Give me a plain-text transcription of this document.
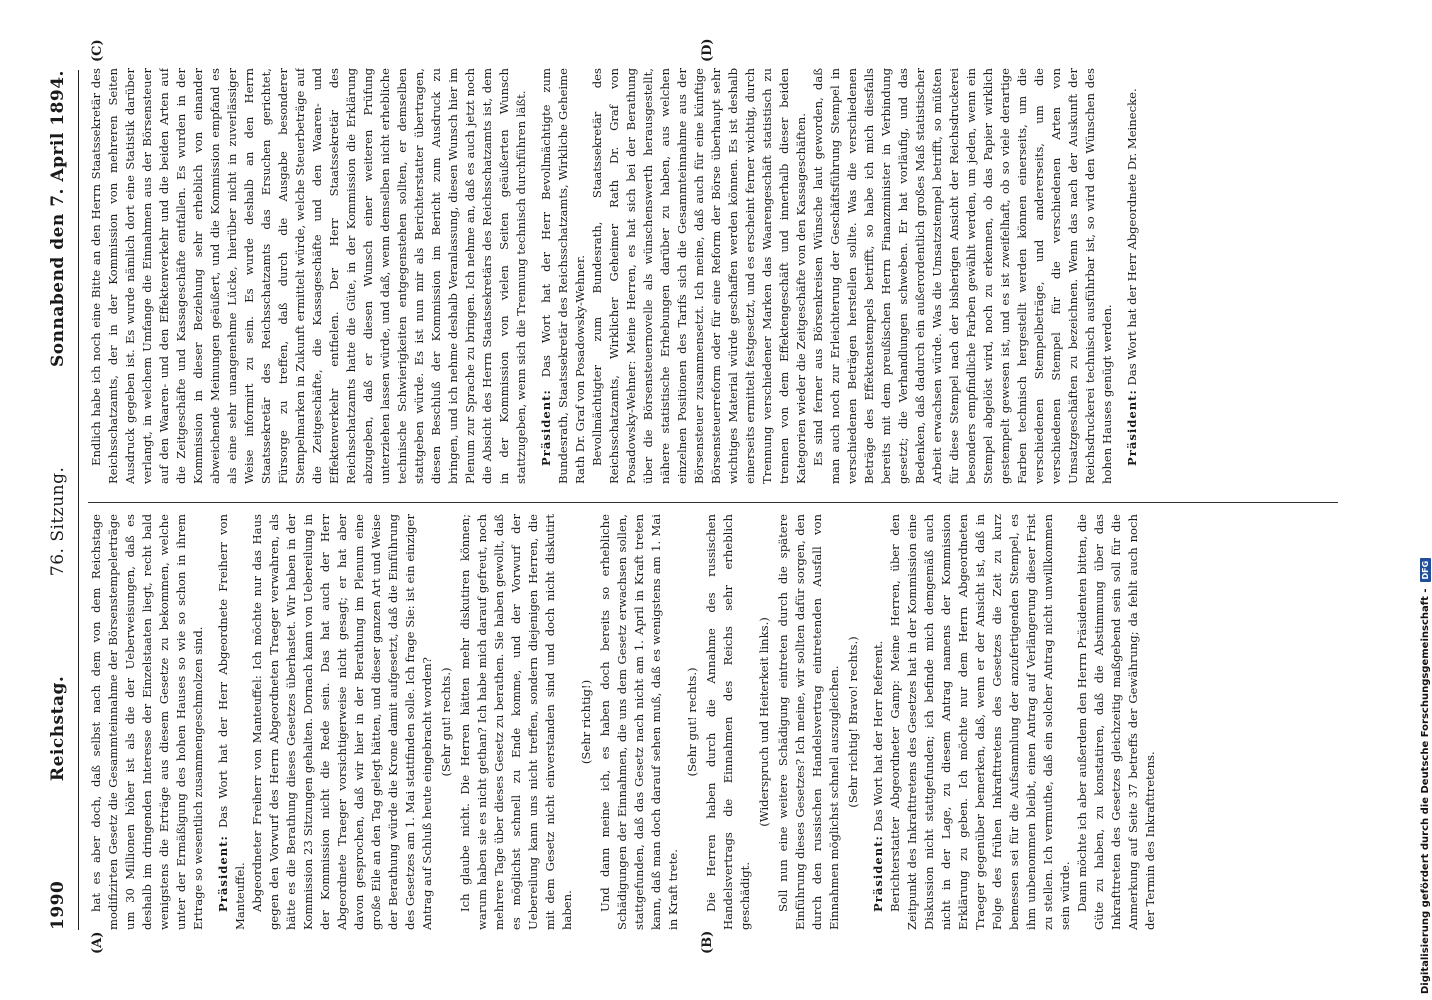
1990
Reichstag.
76. Sitzung.
Sonnabend den 7. April 1894.
(A)	(B)
(C)	(D)

hat es aber doch, daß selbst nach dem von dem Reichstage modifizirten Gesetz die Gesammteinnahme der Börsenstempelerträge um 30 Millionen höher ist als die der Ueberweisungen, daß es deshalb im dringenden Interesse der Einzelstaaten liegt, recht bald wenigstens die Erträge aus diesem Gesetze zu bekommen, welche unter der Ermäßigung des hohen Hauses so wie so schon in ihrem Ertrage so wesentlich zusammengeschmolzen sind. Präsident: Das Wort hat der Herr Abgeordnete Freiherr von Manteuffel. Abgeordneter Freiherr von Manteuffel: Ich möchte nur das Haus gegen den Vorwurf des Herrn Abgeordneten Traeger verwahren, als hätte es die Berathung dieses Gesetzes überhastet. Wir haben in der Kommission 23 Sitzungen gehalten. Dornach kann von Uebereilung in der Kommission nicht die Rede sein. Das hat auch der Herr Abgeordnete Traeger vorsichtigerweise nicht gesagt; er hat aber davon gesprochen, daß wir hier in der Berathung im Plenum eine große Eile an den Tag gelegt hätten, und dieser ganzen Art und Weise der Berathung würde die Krone damit aufgesetzt, daß die Einführung des Gesetzes am 1. Mai stattfinden solle. Ich frage Sie: ist ein einziger Antrag auf Schluß heute eingebracht worden? (Sehr gut! rechts.) Ich glaube nicht. Die Herren hätten mehr diskutiren können; warum haben sie es nicht gethan? Ich habe mich darauf gefreut, noch mehrere Tage über dieses Gesetz zu berathen. Sie haben gewollt, daß es möglichst schnell zu Ende komme, und der Vorwurf der Uebereilung kann uns nicht treffen, sondern diejenigen Herren, die mit dem Gesetz nicht einverstanden sind und doch nicht diskutirt haben.

(Sehr richtig!) Und dann meine ich, es haben doch bereits so erhebliche Schädigungen der Einnahmen, die uns dem Gesetz erwachsen sollen, stattgefunden, daß das Gesetz nach nicht am 1. April in Kraft treten kann, daß man doch darauf sehen muß, daß es wenigstens am 1. Mai in Kraft trete.

(Sehr gut! rechts.) Die Herren haben durch die Annahme des russischen Handelsvertrags die Einnahmen des Reichs sehr erheblich geschädigt.

(Widerspruch und Heiterkeit links.) Soll nun eine weitere Schädigung eintreten durch die spätere Einführung dieses Gesetzes? Ich meine, wir sollten dafür sorgen, den durch den russischen Handelsvertrag eintretenden Ausfall von Einnahmen möglichst schnell auszugleichen. (Sehr richtig! Bravo! rechts.)

Präsident: Das Wort hat der Herr Referent. Berichterstatter Abgeordneter Gamp: Meine Herren, über den Zeitpunkt des Inkrafttretens des Gesetzes hat in der Kommission eine Diskussion nicht stattgefunden; ich befinde mich demgemäß auch nicht in der Lage, zu diesem Antrag namens der Kommission Erklärung zu geben. Ich möchte nur dem Herrn Abgeordneten Traeger gegenüber bemerken, daß, wenn er der Ansicht ist, daß in Folge des frühen Inkrafttretens des Gesetzes die Zeit zu kurz bemessen sei für die Aufsammlung der anzufertigenden Stempel, es ihm unbenommen bleibt, einen Antrag auf Verlängerung dieser Frist zu stellen. Ich vermuthe, daß ein solcher Antrag nicht unwillkommen sein würde. Dann möchte ich aber außerdem den Herrn Präsidenten bitten, die Güte zu haben, zu konstatiren, daß die Abstimmung über das Inkrafttreten des Gesetzes gleichzeitig maßgebend sein soll für die Anmerkung auf Seite 37 betreffs der Gewährung; da fehlt auch noch der Termin des Inkrafttretens.

Endlich habe ich noch eine Bitte an den Herrn Staatssekretär des Reichsschatzamts, der in der Kommission von mehreren Seiten Ausdruck gegeben ist. Es wurde nämlich dort eine Statistik darüber verlangt, in welchem Umfange die Einnahmen aus der Börsensteuer auf den Waaren- und den Effektenverkehr und die beiden Arten auf die Zeitgeschäfte und Kassageschäfte entfallen. Es wurden in der Kommission in dieser Beziehung sehr erheblich von einander abweichende Meinungen geäußert, und die Kommission empfand es als eine sehr unangenehme Lücke, hierüber nicht in zuverlässiger Weise informirt zu sein. Es wurde deshalb an den Herrn Staatssekretär des Reichsschatzamts das Ersuchen gerichtet, Fürsorge zu treffen, daß durch die Ausgabe besonderer Stempelmarken in Zukunft ermittelt würde, welche Steuerbeträge auf die Zeitgeschäfte, die Kassageschäfte und den Waaren- und Effektenverkehr entfielen. Der Herr Staatssekretär des Reichsschatzamts hatte die Güte, in der Kommission die Erklärung abzugeben, daß er diesen Wunsch einer weiteren Prüfung unterziehen lassen würde, und daß, wenn demselben nicht erhebliche technische Schwierigkeiten entgegenstehen sollten, er demselben stattgeben würde. Es ist nun mir als Berichterstatter übertragen, diesen Beschluß der Kommission im Bericht zum Ausdruck zu bringen, und ich nehme deshalb Veranlassung, diesen Wunsch hier im Plenum zur Sprache zu bringen. Ich nehme an, daß es auch jetzt noch die Absicht des Herrn Staatssekretärs des Reichsschatzamts ist, dem in der Kommission von vielen Seiten geäußerten Wunsch stattzugeben, wenn sich die Trennung technisch durchführen läßt. Präsident: Das Wort hat der Herr Bevollmächtigte zum Bundesrath, Staatssekretär des Reichsschatzamts, Wirkliche Geheime Rath Dr. Graf von Posadowsky-Wehner. Bevollmächtigter zum Bundesrath, Staatssekretär des Reichsschatzamts, Wirklicher Geheimer Rath Dr. Graf von Posadowsky-Wehner: Meine Herren, es hat sich bei der Berathung über die Börsensteuernovelle als wünschenswerth herausgestellt, nähere statistische Erhebungen darüber zu haben, aus welchen einzelnen Positionen des Tarifs sich die Gesammteinnahme aus der Börsensteuer zusammensetzt. Ich meine, daß auch für eine künftige Börsensteuerreform oder für eine Reform der Börse überhaupt sehr wichtiges Material würde geschaffen werden können. Es ist deshalb einerseits ermittelt festgesetzt, und es erscheint ferner wichtig, durch Trennung verschiedener Marken das Waarengeschäft statistisch zu trennen von dem Effektengeschäft und innerhalb dieser beiden Kategorien wieder die Zeitgeschäfte von den Kassageschäften. Es sind ferner aus Börsenkreisen Wünsche laut geworden, daß man auch noch zur Erleichterung der Geschäftsführung Stempel in verschiedenen Beträgen herstellen sollte. Was die verschiedenen Beträge des Effektenstempels betrifft, so habe ich mich diesfalls bereits mit dem preußischen Herrn Finanzminister in Verbindung gesetzt; die Verhandlungen schweben. Er hat vorläufig, und das Bedenken, daß dadurch ein außerordentlich großes Maß statistischer Arbeit erwachsen würde. Was die Umsatzstempel betrifft, so müßten für diese Stempel nach der bisherigen Ansicht der Reichsdruckerei besonders empfindliche Farben gewählt werden, um jeden, wenn ein Stempel abgelöst wird, noch zu erkennen, ob das Papier wirklich gestempelt gewesen ist, und es ist zweifelhaft, ob so viele derartige Farben technisch hergestellt werden können einerseits, um die verschiedenen Stempelbeträge, und andererseits, um die verschiedenen Stempel für die verschiedenen Arten von Umsatzgeschäften zu bezeichnen. Wenn das nach der Auskunft der Reichsdruckerei technisch ausführbar ist, so wird den Wünschen des hohen Hauses genügt werden. Präsident: Das Wort hat der Herr Abgeordnete Dr. Meinecke.

Digitalisierung gefördert durch die Deutsche Forschungsgemeinschaft -
DFG
